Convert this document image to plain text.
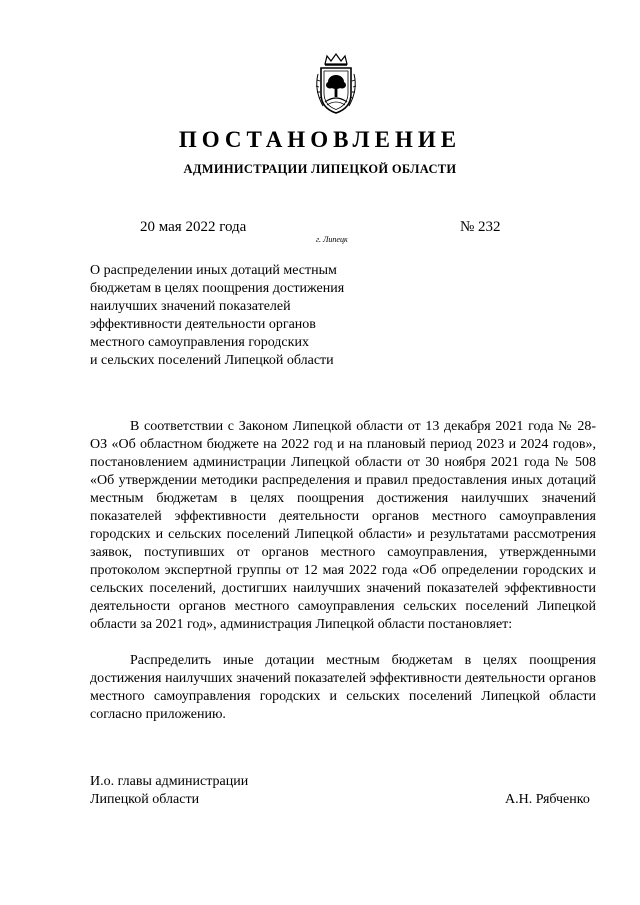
ПОСТАНОВЛЕНИЕ
АДМИНИСТРАЦИИ ЛИПЕЦКОЙ ОБЛАСТИ
20 мая 2022 года
г. Липецк
№ 232
О распределении иных дотаций местным
бюджетам в целях поощрения достижения
наилучших значений показателей
эффективности деятельности органов
местного самоуправления городских
и сельских поселений Липецкой области

В соответствии с Законом Липецкой области от 13 декабря 2021 года № 28-ОЗ «Об областном бюджете на 2022 год и на плановый период 2023 и 2024 годов», постановлением администрации Липецкой области от 30 ноября 2021 года № 508 «Об утверждении методики распределения и правил предоставления иных дотаций местным бюджетам в целях поощрения достижения наилучших значений показателей эффективности деятельности органов местного самоуправления городских и сельских поселений Липецкой области» и результатами рассмотрения заявок, поступивших от органов местного самоуправления, утвержденными протоколом экспертной группы от 12 мая 2022 года «Об определении городских и сельских поселений, достигших наилучших значений показателей эффективности деятельности органов местного самоуправления сельских поселений Липецкой области за 2021 год», администрация Липецкой области постановляет:

Распределить иные дотации местным бюджетам в целях поощрения достижения наилучших значений показателей эффективности деятельности органов местного самоуправления городских и сельских поселений Липецкой области согласно приложению.

И.о. главы администрации
Липецкой области	А.Н. Рябченко
